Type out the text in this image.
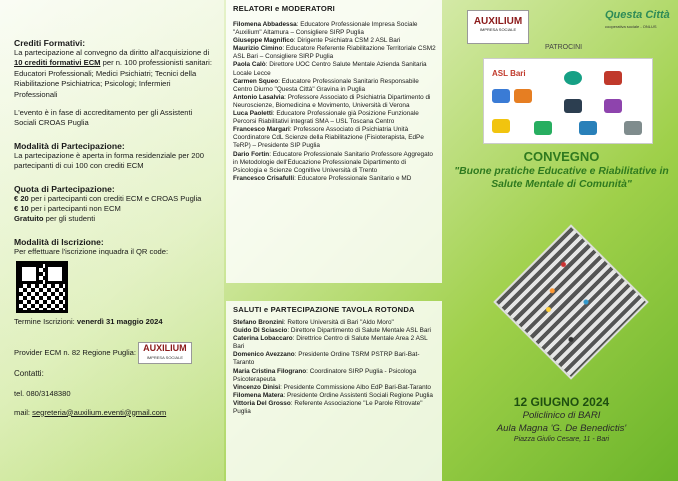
Crediti Formativi:
La partecipazione al convegno da diritto all'acquisizione di 10 crediti formativi ECM per n. 100 professionisti sanitari: Educatori Professionali; Medici Psichiatri; Tecnici della Riabilitazione Psichiatrica; Psicologi; Infermieri Professionali
L'evento è in fase di accreditamento per gli Assistenti Sociali CROAS Puglia
Modalità di Partecipazione:
La partecipazione è aperta in forma residenziale per 200 partecipanti di cui 100 con crediti ECM
Quota di Partecipazione:
€ 20 per i partecipanti con crediti ECM e CROAS Puglia
€ 10 per i partecipanti non ECM
Gratuito per gli studenti
Modalità di Iscrizione:
Per effettuare l'iscrizione inquadra il QR code:
Termine Iscrizioni: venerdì 31 maggio 2024
Provider ECM n. 82 Regione Puglia: AUXILIUM
IMPRESA SOCIALE
Contatti:
tel. 080/3148380
mail: segreteria@auxilium.eventi@gmail.com
RELATORI e MODERATORI
Filomena Abbadessa: Educatore Professionale Impresa Sociale "Auxilium" Altamura – Consigliere SIRP Puglia
Giuseppe Magnifico: Dirigente Psichiatra CSM 2 ASL Bari
Maurizio Cimino: Educatore Referente Riabilitazione Territoriale CSM2 ASL Bari – Consigliere SIRP Puglia
Paola Calò: Direttore UOC Centro Salute Mentale Azienda Sanitaria Locale Lecce
Carmen Squeo: Educatore Professionale Sanitario Responsabile Centro Diurno "Questa Città" Gravina in Puglia
Antonio Lasalvia: Professore Associato di Psichiatria Dipartimento di Neuroscienze, Biomedicina e Movimento, Università di Verona
Luca Paoletti: Educatore Professionale già Posizione Funzionale Percorsi Riabilitativi integrati SMA – USL Toscana Centro
Francesco Margari: Professore Associato di Psichiatria Unità Coordinatore CdL Scienze della Riabilitazione (Fisioterapista, EdPe TeRP) – Presidente SIP Puglia
Dario Fortin: Educatore Professionale Sanitario Professore Aggregato in Metodologie dell'Educazione Professionale Dipartimento di Psicologia e Scienze Cognitive Università di Trento
Francesco Crisafulli: Educatore Professionale Sanitario e MD
SALUTI e PARTECIPAZIONE TAVOLA ROTONDA
Stefano Bronzini: Rettore Università di Bari "Aldo Moro"
Guido Di Sciascio: Direttore Dipartimento di Salute Mentale ASL Bari
Caterina Lobaccaro: Direttrice Centro di Salute Mentale Area 2 ASL Bari
Domenico Avezzano: Presidente Ordine TSRM PSTRP Bari-Bat-Taranto
Maria Cristina Filograno: Coordinatore SIRP Puglia - Psicologa Psicoterapeuta
Vincenzo Dinisi: Presidente Commissione Albo EdP Bari-Bat-Taranto
Filomena Matera: Presidente Ordine Assistenti Sociali Regione Puglia
Vittoria Del Grosso: Referente Associazione "Le Parole Ritrovate" Puglia
AUXILIUM
IMPRESA SOCIALE
Questa Città
cooperativa sociale - ONLUS
PATROCINI
ASL Bari
CONVEGNO
"Buone pratiche Educative e Riabilitative in Salute Mentale di Comunità"
12 GIUGNO 2024
Policlinico di BARI
Aula Magna 'G. De Benedictis'
Piazza Giulio Cesare, 11 - Bari
